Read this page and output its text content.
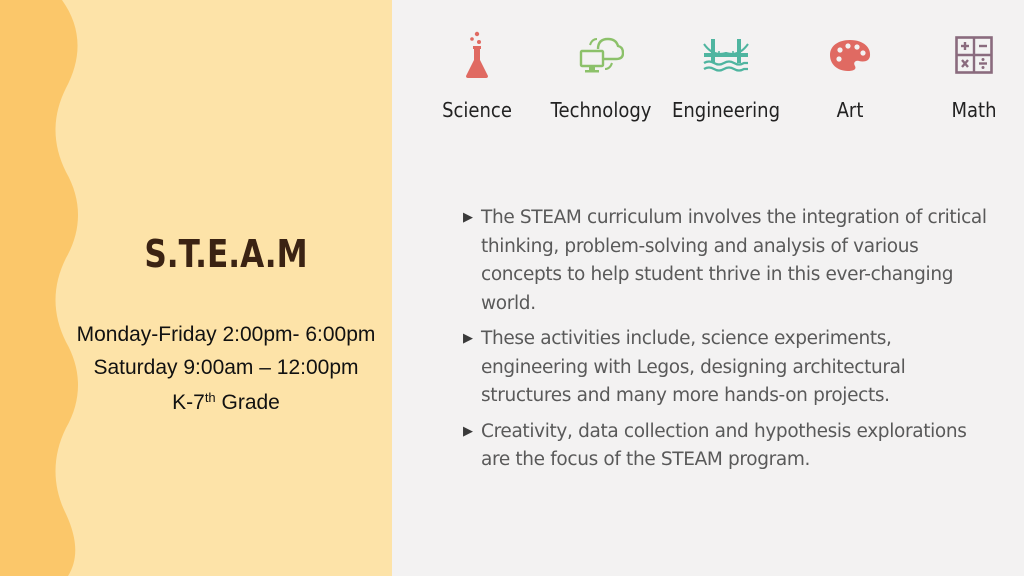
S.T.E.A.M
Monday-Friday 2:00pm- 6:00pm
Saturday 9:00am – 12:00pm
K-7th Grade
Science	Technology Engineering	Art	Math
▶ The STEAM curriculum involves the integration of critical thinking, problem-solving and analysis of various concepts to help student thrive in this ever-changing world.
▶ These activities include, science experiments, engineering with Legos, designing architectural structures and many more hands-on projects.
▶ Creativity, data collection and hypothesis explorations are the focus of the STEAM program.
